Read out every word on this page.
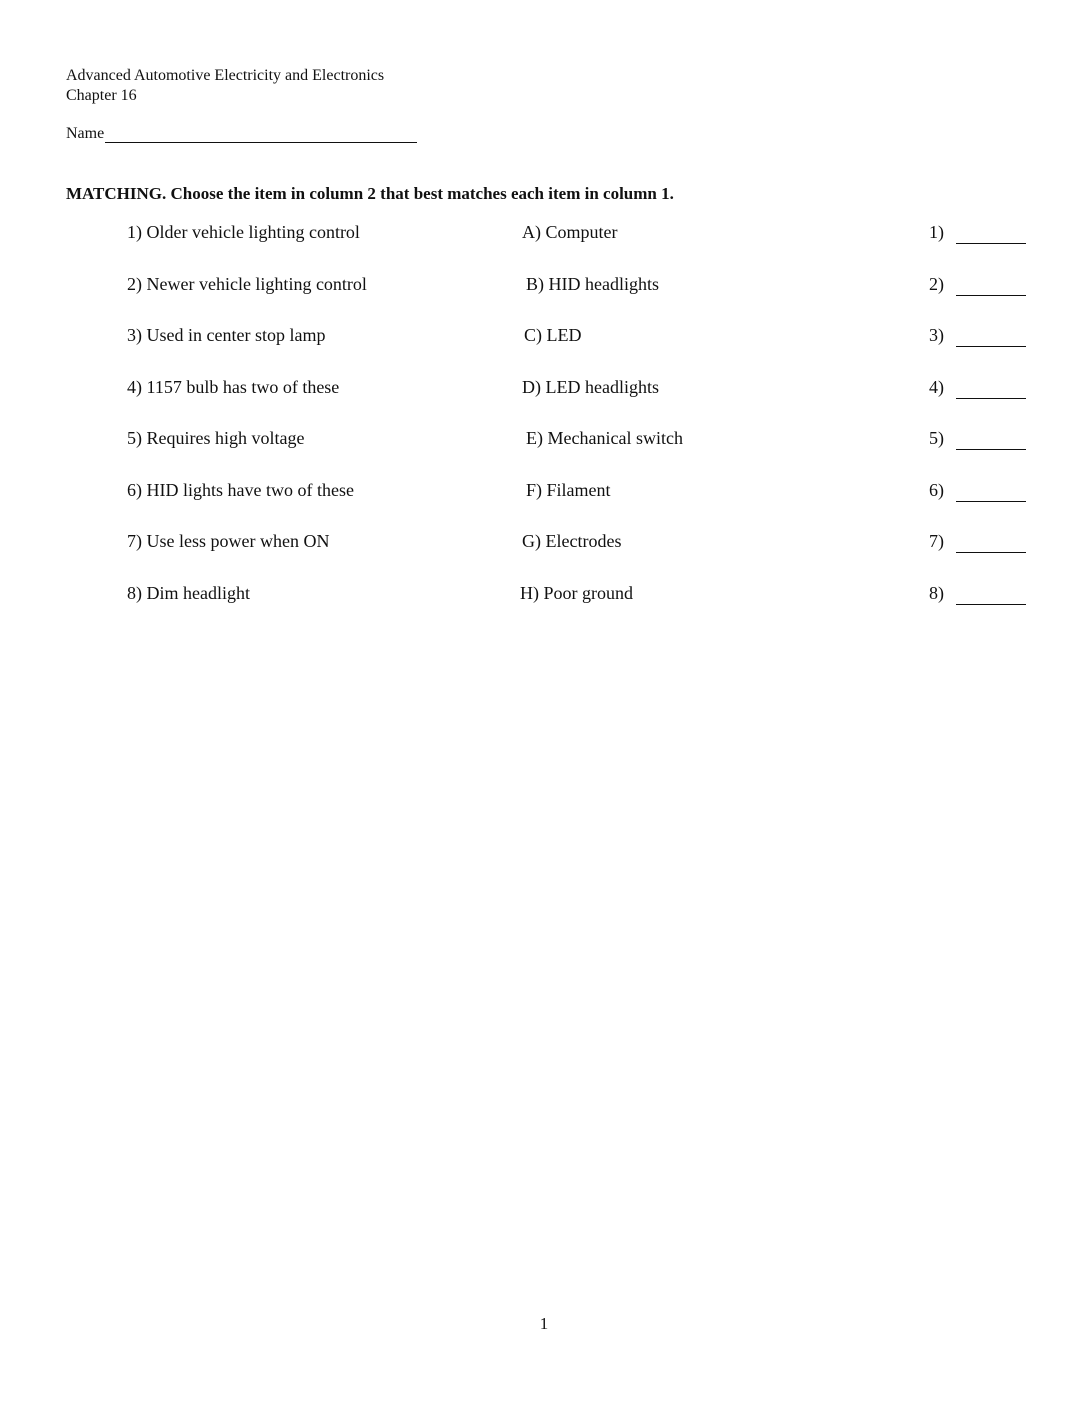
Advanced Automotive Electricity and Electronics
Chapter 16
Name
MATCHING. Choose the item in column 2 that best matches each item in column 1.
1) Older vehicle lighting control	A) Computer	1)
2) Newer vehicle lighting control	B) HID headlights	2)
3) Used in center stop lamp	C) LED	3)
4) 1157 bulb has two of these	D) LED headlights	4)
5) Requires high voltage	E) Mechanical switch	5)
6) HID lights have two of these	F) Filament	6)
7) Use less power when ON	G) Electrodes	7)
8) Dim headlight	H) Poor ground	8)
1
